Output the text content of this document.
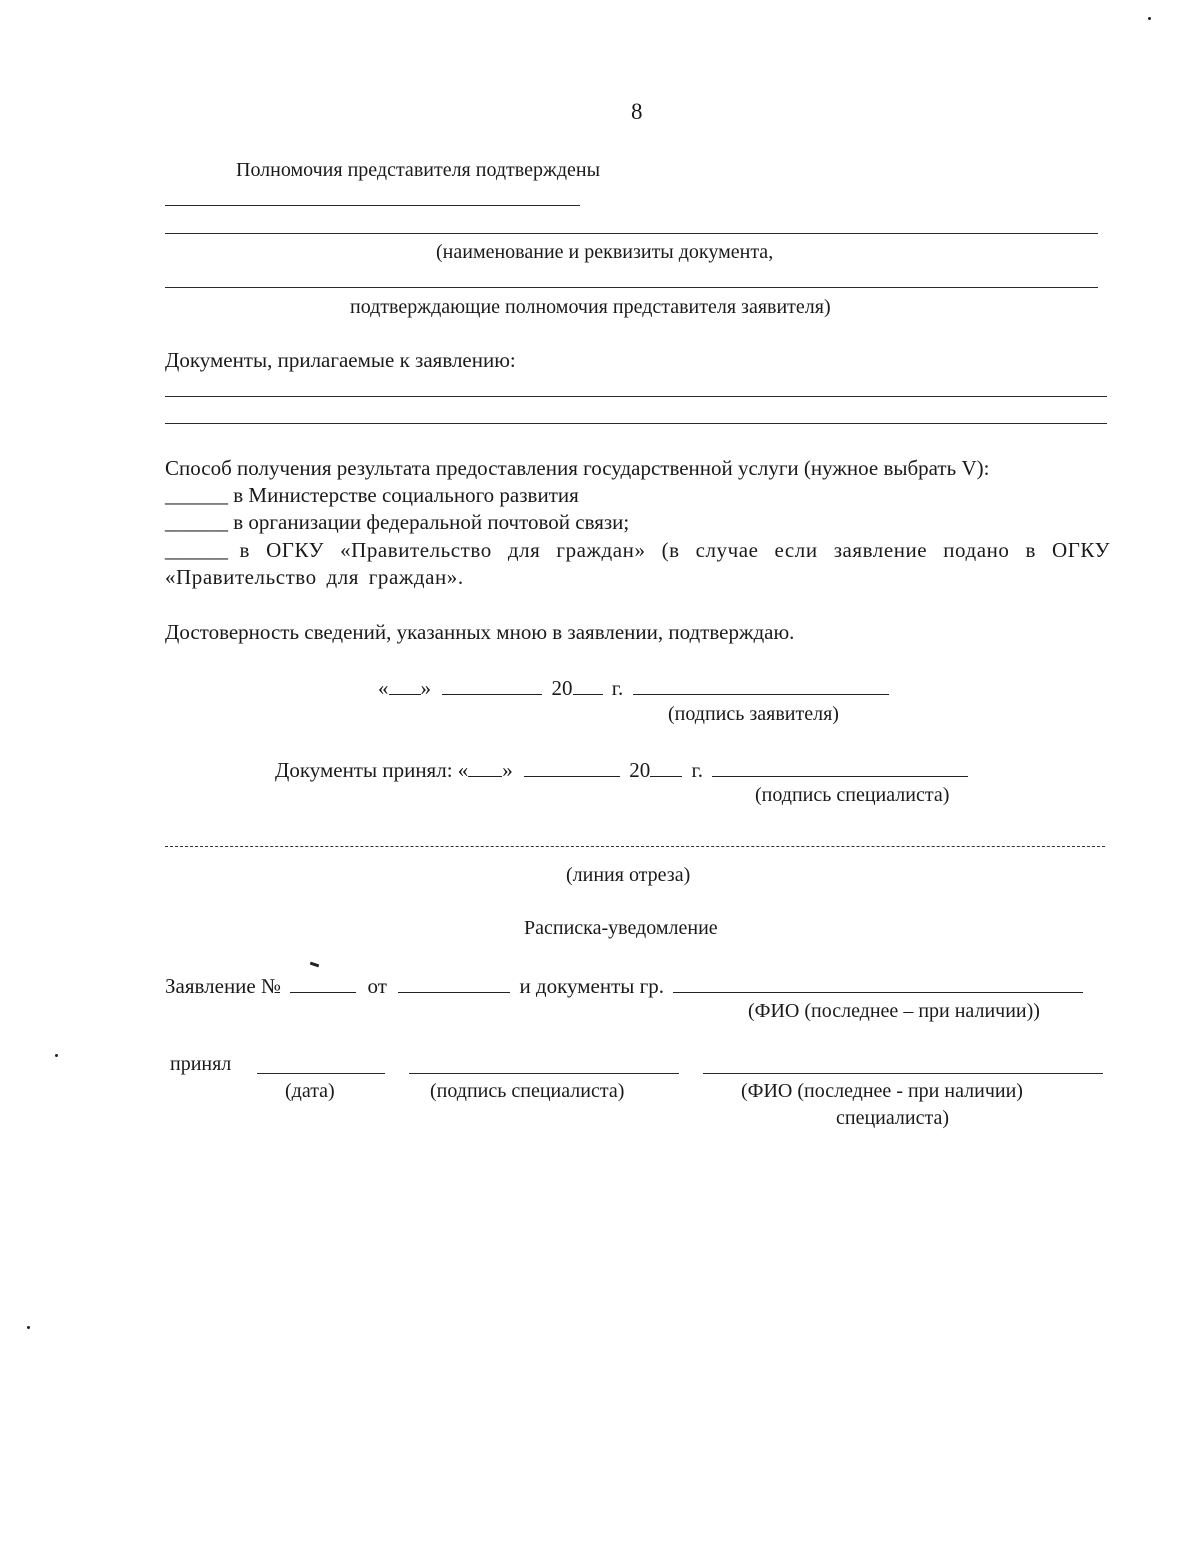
8
Полномочия представителя подтверждены
(наименование и реквизиты документа,
подтверждающие полномочия представителя заявителя)
Документы, прилагаемые к заявлению:
Способ получения результата предоставления государственной услуги (нужное выбрать V):
______ в Министерстве социального развития
______ в организации федеральной почтовой связи;
______ в ОГКУ «Правительство для граждан» (в случае если заявление подано в ОГКУ «Правительство для граждан».
Достоверность сведений, указанных мною в заявлении, подтверждаю.
« »	20 г.
(подпись заявителя)
Документы принял: « »	20 г.
(подпись специалиста)
(линия отреза)
Расписка-уведомление
Заявление №	от	и документы гр.
(ФИО (последнее – при наличии))
принял
(дата)	(подпись специалиста)	(ФИО (последнее - при наличии)
специалиста)
